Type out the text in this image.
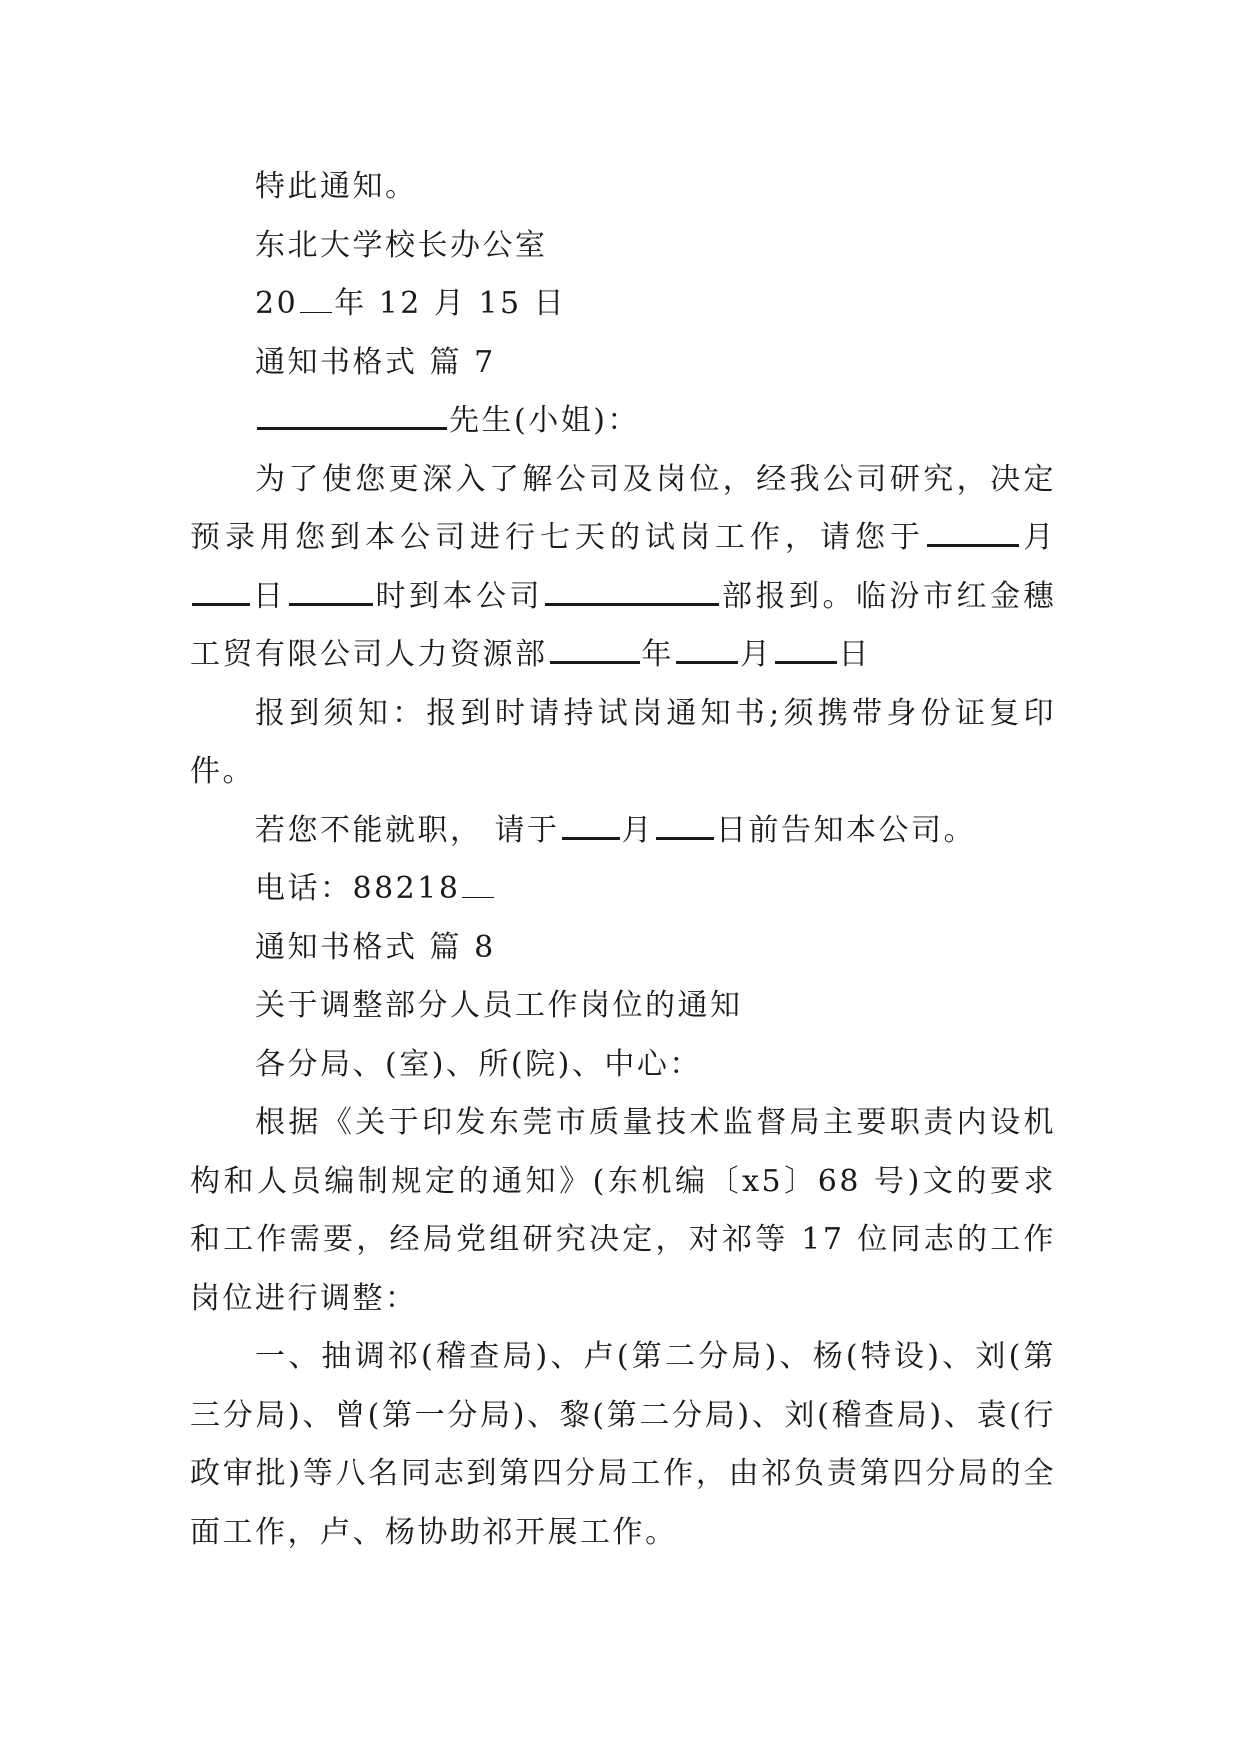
特此通知。

东北大学校长办公室

20 年 12 月 15 日

通知书格式 篇 7

先生(小姐)：

为了使您更深入了解公司及岗位，经我公司研究，决定预录用您到本公司进行七天的试岗工作，请您于	月日	时到本公司	部报到。临汾市红金穗工贸有限公司人力资源部	年 月 日

报到须知：报到时请持试岗通知书;须携带身份证复印件。

若您不能就职， 请于 月 日前告知本公司。

电话：88218

通知书格式 篇 8

关于调整部分人员工作岗位的通知

各分局、(室)、所(院)、中心：

根据《关于印发东莞市质量技术监督局主要职责内设机构和人员编制规定的通知》(东机编〔x5〕68 号)文的要求和工作需要，经局党组研究决定，对祁等 17 位同志的工作岗位进行调整：

一、抽调祁(稽查局)、卢(第二分局)、杨(特设)、刘(第三分局)、曾(第一分局)、黎(第二分局)、刘(稽查局)、袁(行政审批)等八名同志到第四分局工作，由祁负责第四分局的全面工作，卢、杨协助祁开展工作。
